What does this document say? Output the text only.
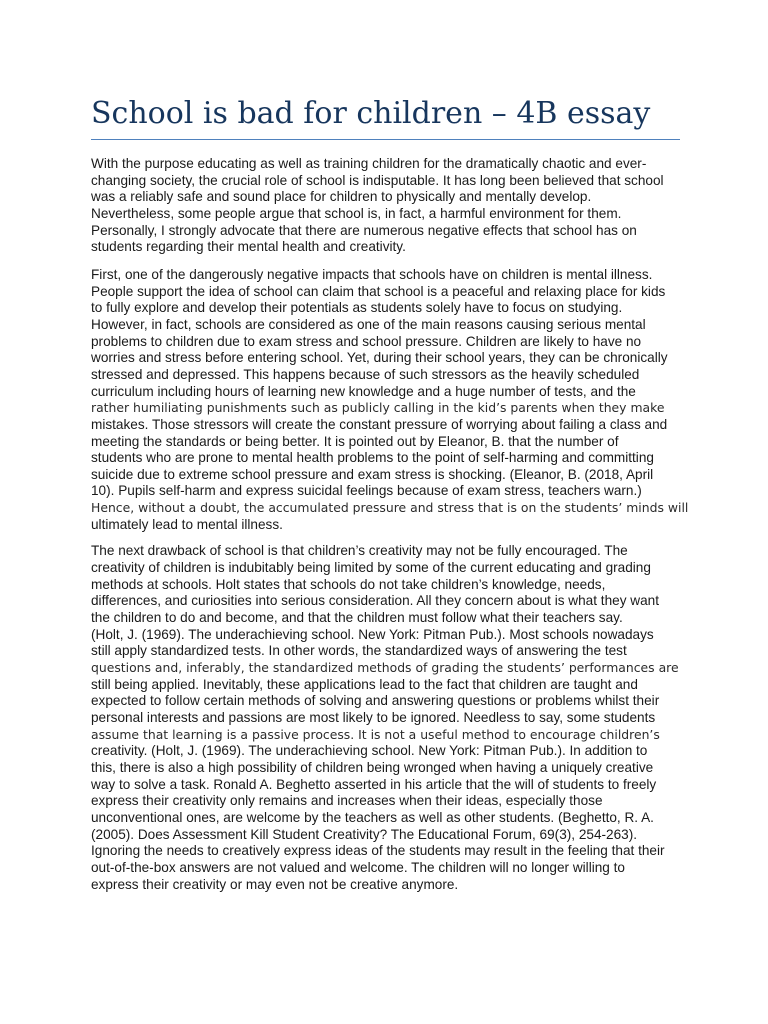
School is bad for children – 4B essay

With the purpose educating as well as training children for the dramatically chaotic and ever-
changing society, the crucial role of school is indisputable. It has long been believed that school
was a reliably safe and sound place for children to physically and mentally develop.
Nevertheless, some people argue that school is, in fact, a harmful environment for them.
Personally, I strongly advocate that there are numerous negative effects that school has on
students regarding their mental health and creativity.

First, one of the dangerously negative impacts that schools have on children is mental illness.
People support the idea of school can claim that school is a peaceful and relaxing place for kids
to fully explore and develop their potentials as students solely have to focus on studying.
However, in fact, schools are considered as one of the main reasons causing serious mental
problems to children due to exam stress and school pressure. Children are likely to have no
worries and stress before entering school. Yet, during their school years, they can be chronically
stressed and depressed. This happens because of such stressors as the heavily scheduled
curriculum including hours of learning new knowledge and a huge number of tests, and the
rather humiliating punishments such as publicly calling in the kid’s parents when they make
mistakes. Those stressors will create the constant pressure of worrying about failing a class and
meeting the standards or being better. It is pointed out by Eleanor, B. that the number of
students who are prone to mental health problems to the point of self-harming and committing
suicide due to extreme school pressure and exam stress is shocking. (Eleanor, B. (2018, April
10). Pupils self-harm and express suicidal feelings because of exam stress, teachers warn.)
Hence, without a doubt, the accumulated pressure and stress that is on the students’ minds will
ultimately lead to mental illness.

The next drawback of school is that children’s creativity may not be fully encouraged. The
creativity of children is indubitably being limited by some of the current educating and grading
methods at schools. Holt states that schools do not take children’s knowledge, needs,
differences, and curiosities into serious consideration. All they concern about is what they want
the children to do and become, and that the children must follow what their teachers say.
(Holt, J. (1969). The underachieving school. New York: Pitman Pub.). Most schools nowadays
still apply standardized tests. In other words, the standardized ways of answering the test
questions and, inferably, the standardized methods of grading the students’ performances are
still being applied. Inevitably, these applications lead to the fact that children are taught and
expected to follow certain methods of solving and answering questions or problems whilst their
personal interests and passions are most likely to be ignored. Needless to say, some students
assume that learning is a passive process. It is not a useful method to encourage children’s
creativity. (Holt, J. (1969). The underachieving school. New York: Pitman Pub.). In addition to
this, there is also a high possibility of children being wronged when having a uniquely creative
way to solve a task. Ronald A. Beghetto asserted in his article that the will of students to freely
express their creativity only remains and increases when their ideas, especially those
unconventional ones, are welcome by the teachers as well as other students. (Beghetto, R. A.
(2005). Does Assessment Kill Student Creativity? The Educational Forum, 69(3), 254-263).
Ignoring the needs to creatively express ideas of the students may result in the feeling that their
out-of-the-box answers are not valued and welcome. The children will no longer willing to
express their creativity or may even not be creative anymore.
